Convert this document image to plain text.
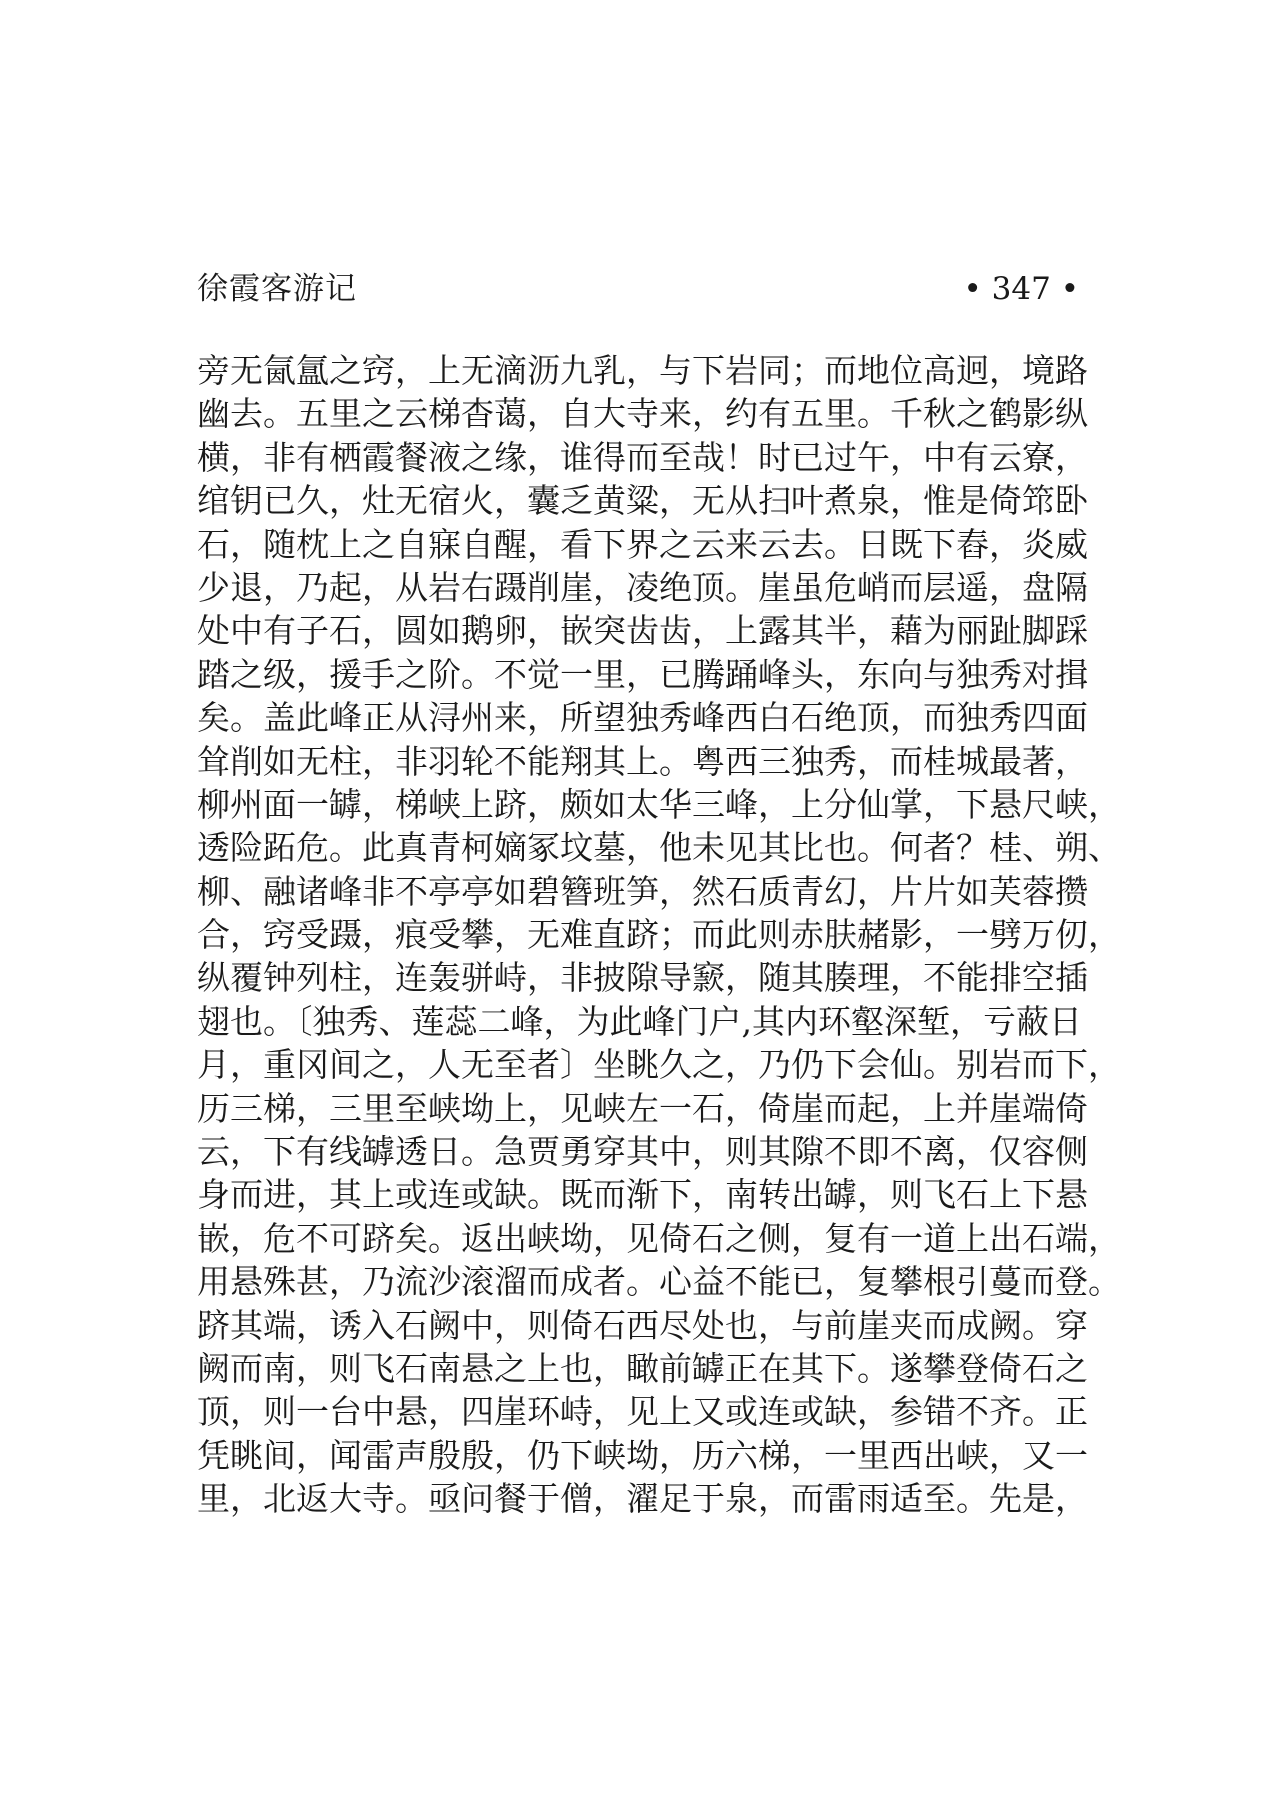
徐霞客游记	• 347 •
旁无氤氲之窍，上无滴沥九乳，与下岩同；而地位高迥，境路
幽去。五里之云梯杳蔼，自大寺来，约有五里。千秋之鹤影纵
横，非有栖霞餐液之缘，谁得而至哉！时已过午，中有云寮，
绾钥已久，灶无宿火，囊乏黄粱，无从扫叶煮泉，惟是倚筇卧
石，随枕上之自寐自醒，看下界之云来云去。日既下舂，炎威
少退，乃起，从岩右蹑削崖，凌绝顶。崖虽危峭而层遥，盘隔
处中有子石，圆如鹅卵，嵌突齿齿，上露其半，藉为丽趾脚踩
踏之级，援手之阶。不觉一里，已腾踊峰头，东向与独秀对揖
矣。盖此峰正从浔州来，所望独秀峰西白石绝顶，而独秀四面
耸削如无柱，非羽轮不能翔其上。粤西三独秀，而桂城最著，
柳州面一罅，梯峡上跻，颇如太华三峰，上分仙掌，下悬尺峡，
透险跖危。此真青柯嫡冢坟墓，他未见其比也。何者？桂、朔、
柳、融诸峰非不亭亭如碧簪班笋，然石质青幻，片片如芙蓉攒
合，窍受蹑，痕受攀，无难直跻；而此则赤肤赭影，一劈万仞，
纵覆钟列柱，连轰骈峙，非披隙导窾，随其腠理，不能排空插
翅也。〔独秀、莲蕊二峰，为此峰门户,其内环壑深堑，亏蔽日
月，重冈间之，人无至者〕坐眺久之，乃仍下会仙。别岩而下，
历三梯，三里至峡坳上，见峡左一石，倚崖而起，上并崖端倚
云，下有线罅透日。急贾勇穿其中，则其隙不即不离，仅容侧
身而进，其上或连或缺。既而渐下，南转出罅，则飞石上下悬
嵌，危不可跻矣。返出峡坳，见倚石之侧，复有一道上出石端，
用悬殊甚，乃流沙滚溜而成者。心益不能已，复攀根引蔓而登。
跻其端，诱入石阙中，则倚石西尽处也，与前崖夹而成阙。穿
阙而南，则飞石南悬之上也，瞰前罅正在其下。遂攀登倚石之
顶，则一台中悬，四崖环峙，见上又或连或缺，参错不齐。正
凭眺间，闻雷声殷殷，仍下峡坳，历六梯，一里西出峡，又一
里，北返大寺。亟问餐于僧，濯足于泉，而雷雨适至。先是，
